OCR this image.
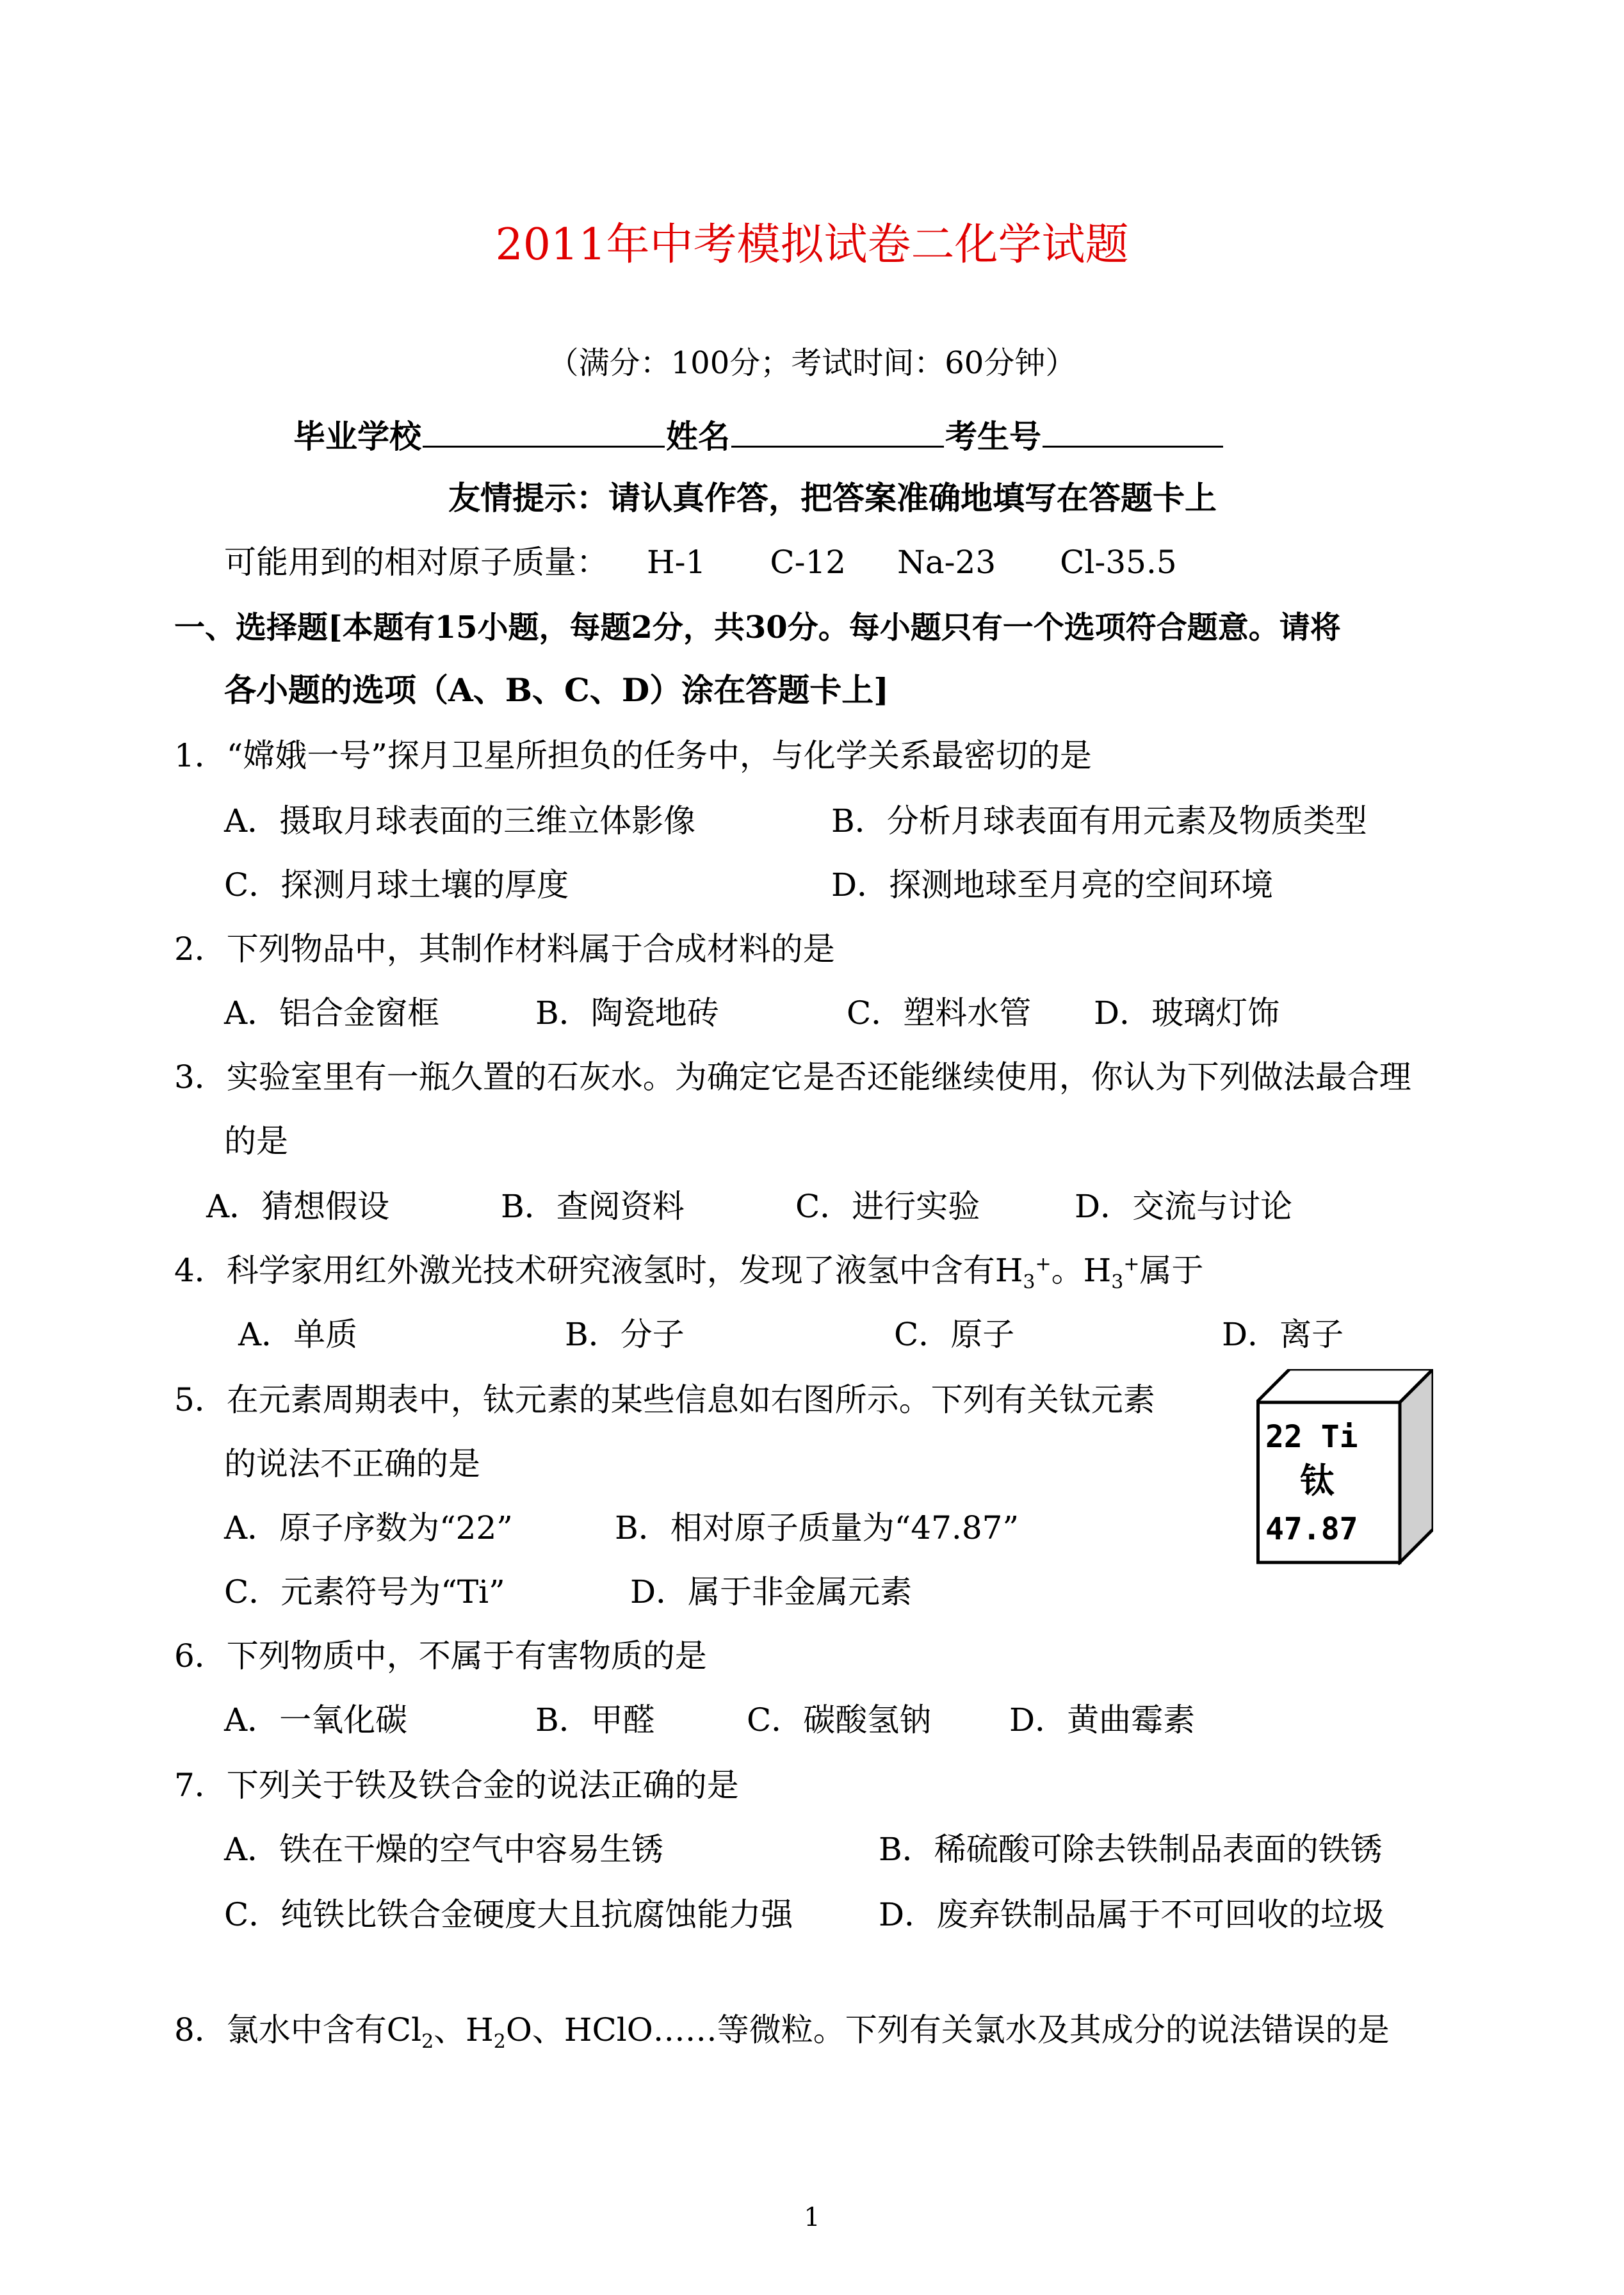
2011年中考模拟试卷二化学试题
（满分：100分；考试时间：60分钟）
毕业学校	姓名	考生号
友情提示：请认真作答，把答案准确地填写在答题卡上
可能用到的相对原子质量： H-1 C-12 Na-23 Cl-35.5
一、选择题[本题有15小题，每题2分，共30分。每小题只有一个选项符合题意。请将
各小题的选项（A、B、C、D）涂在答题卡上]
1．“嫦娥一号”探月卫星所担负的任务中，与化学关系最密切的是
A．摄取月球表面的三维立体影像	B．分析月球表面有用元素及物质类型
C．探测月球土壤的厚度	D．探测地球至月亮的空间环境
2．下列物品中，其制作材料属于合成材料的是
A．铝合金窗框	B．陶瓷地砖	C．塑料水管 D．玻璃灯饰
3．实验室里有一瓶久置的石灰水。为确定它是否还能继续使用，你认为下列做法最合理
的是
A．猜想假设	B．查阅资料	C．进行实验	D．交流与讨论
4．科学家用红外激光技术研究液氢时，发现了液氢中含有$H_3^+$。$H_3^+$属于
A．单质	B．分子	C．原子	D．离子
5．在元素周期表中，钛元素的某些信息如右图所示。下列有关钛元素
的说法不正确的是
A．原子序数为“22”	B．相对原子质量为“47.87”
C．元素符号为“Ti”	D．属于非金属元素
22 Ti
钛
47.87
6．下列物质中，不属于有害物质的是
A．一氧化碳	B．甲醛	C．碳酸氢钠 D．黄曲霉素
7．下列关于铁及铁合金的说法正确的是
A．铁在干燥的空气中容易生锈	B．稀硫酸可除去铁制品表面的铁锈
C．纯铁比铁合金硬度大且抗腐蚀能力强	D．废弃铁制品属于不可回收的垃圾
8．氯水中含有$Cl_2$、$H_2O$、HClO……等微粒。下列有关氯水及其成分的说法错误的是
1
